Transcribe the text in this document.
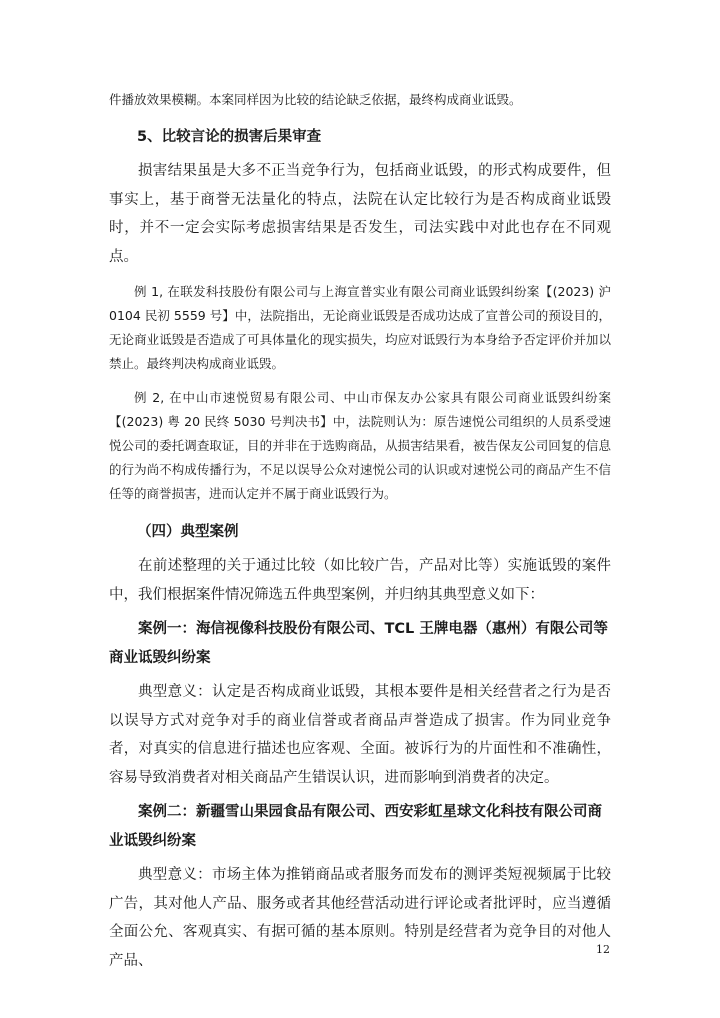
件播放效果模糊。本案同样因为比较的结论缺乏依据，最终构成商业诋毁。

5、比较言论的损害后果审查

损害结果虽是大多不正当竞争行为，包括商业诋毁，的形式构成要件，但事实上，基于商誉无法量化的特点，法院在认定比较行为是否构成商业诋毁时，并不一定会实际考虑损害结果是否发生，司法实践中对此也存在不同观点。

例 1, 在联发科技股份有限公司与上海宣普实业有限公司商业诋毁纠纷案【(2023) 沪 0104 民初 5559 号】中，法院指出，无论商业诋毁是否成功达成了宣普公司的预设目的，无论商业诋毁是否造成了可具体量化的现实损失，均应对诋毁行为本身给予否定评价并加以禁止。最终判决构成商业诋毁。

例 2, 在中山市速悦贸易有限公司、中山市保友办公家具有限公司商业诋毁纠纷案【(2023) 粤 20 民终 5030 号判决书】中，法院则认为：原告速悦公司组织的人员系受速悦公司的委托调查取证，目的并非在于选购商品，从损害结果看，被告保友公司回复的信息的行为尚不构成传播行为，不足以误导公众对速悦公司的认识或对速悦公司的商品产生不信任等的商誉损害，进而认定并不属于商业诋毁行为。

（四）典型案例

在前述整理的关于通过比较（如比较广告，产品对比等）实施诋毁的案件中，我们根据案件情况筛选五件典型案例，并归纳其典型意义如下：

案例一：海信视像科技股份有限公司、TCL 王牌电器（惠州）有限公司等商业诋毁纠纷案

典型意义：认定是否构成商业诋毁，其根本要件是相关经营者之行为是否以误导方式对竞争对手的商业信誉或者商品声誉造成了损害。作为同业竞争者，对真实的信息进行描述也应客观、全面。被诉行为的片面性和不准确性，容易导致消费者对相关商品产生错误认识，进而影响到消费者的决定。

案例二：新疆雪山果园食品有限公司、西安彩虹星球文化科技有限公司商业诋毁纠纷案

典型意义：市场主体为推销商品或者服务而发布的测评类短视频属于比较广告，其对他人产品、服务或者其他经营活动进行评论或者批评时，应当遵循全面公允、客观真实、有据可循的基本原则。特别是经营者为竞争目的对他人产品、

12
